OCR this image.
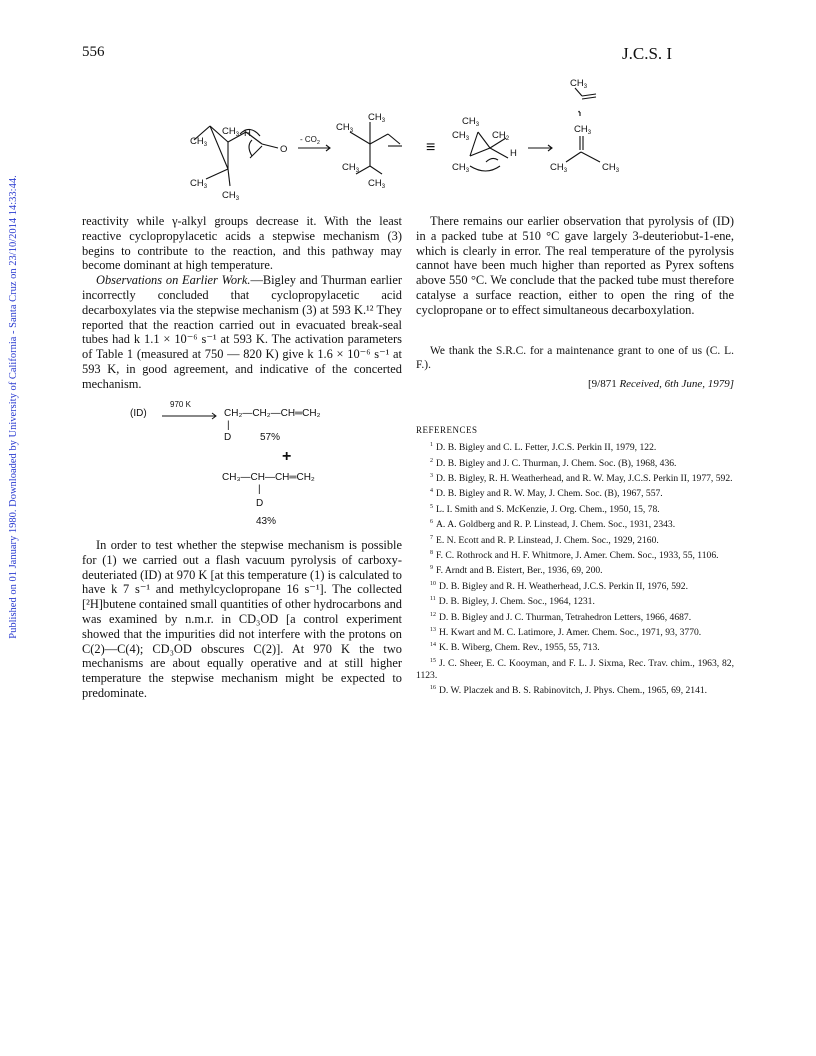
Published on 01 January 1980. Downloaded by University of California - Santa Cruz on 23/10/2014 14:33:44.
556	J.C.S. I
$CH_3$ H
O
$CH_3$
$CH_3$
$CH_3$
- $CO_2$
$CH_3$
$CH_3$
$CH_3$
$CH_3$
≡
$CH_3$
$CH_3$ $CH_2$
H
$CH_3$
$CH_3$
•
$CH_3$
$CH_3$	$CH_3$

reactivity while γ-alkyl groups decrease it. With the least reactive cyclopropylacetic acids a stepwise mechanism (3) begins to contribute to the reaction, and this pathway may become dominant at high temperature.

Observations on Earlier Work.—Bigley and Thurman earlier incorrectly concluded that cyclopropylacetic acid decarboxylates via the stepwise mechanism (3) at 593 K.¹² They reported that the reaction carried out in evacuated break-seal tubes had k 1.1 × 10⁻⁶ s⁻¹ at 593 K. The activation parameters of Table 1 (measured at 750 — 820 K) give k 1.6 × 10⁻⁶ s⁻¹ at 593 K, in good agreement, and indicative of the concerted mechanism.

(ID)
970 K
CH₂—CH₂—CH═CH₂
|
D	57%
+
CH₃—CH—CH═CH₂
|
D
43%

In order to test whether the stepwise mechanism is possible for (1) we carried out a flash vacuum pyrolysis of carboxy-deuteriated (ID) at 970 K [at this temperature (1) is calculated to have k 7 s⁻¹ and methylcyclopropane 16 s⁻¹]. The collected [²H]butene contained small quantities of other hydrocarbons and was examined by n.m.r. in CD₃OD [a control experiment showed that the impurities did not interfere with the protons on C(2)—C(4); CD₃OD obscures C(2)]. At 970 K the two mechanisms are about equally operative and at still higher temperature the stepwise mechanism might be expected to predominate.

There remains our earlier observation that pyrolysis of (ID) in a packed tube at 510 °C gave largely 3-deuteriobut-1-ene, which is clearly in error. The real temperature of the pyrolysis cannot have been much higher than reported as Pyrex softens above 550 °C. We conclude that the packed tube must therefore catalyse a surface reaction, either to open the ring of the cyclopropane or to effect simultaneous decarboxylation.

We thank the S.R.C. for a maintenance grant to one of us (C. L. F.).
[9/871 Received, 6th June, 1979]
REFERENCES
$^1$ D. B. Bigley and C. L. Fetter, J.C.S. Perkin II, 1979, 122.
$^2$ D. B. Bigley and J. C. Thurman, J. Chem. Soc. (B), 1968, 436.
$^3$ D. B. Bigley, R. H. Weatherhead, and R. W. May, J.C.S. Perkin II, 1977, 592.
$^4$ D. B. Bigley and R. W. May, J. Chem. Soc. (B), 1967, 557.
$^5$ L. I. Smith and S. McKenzie, J. Org. Chem., 1950, 15, 78.
$^6$ A. A. Goldberg and R. P. Linstead, J. Chem. Soc., 1931, 2343.
$^7$ E. N. Ecott and R. P. Linstead, J. Chem. Soc., 1929, 2160.
$^8$ F. C. Rothrock and H. F. Whitmore, J. Amer. Chem. Soc., 1933, 55, 1106.
$^9$ F. Arndt and B. Eistert, Ber., 1936, 69, 200.
$^{10}$ D. B. Bigley and R. H. Weatherhead, J.C.S. Perkin II, 1976, 592.
$^{11}$ D. B. Bigley, J. Chem. Soc., 1964, 1231.
$^{12}$ D. B. Bigley and J. C. Thurman, Tetrahedron Letters, 1966, 4687.
$^{13}$ H. Kwart and M. C. Latimore, J. Amer. Chem. Soc., 1971, 93, 3770.
$^{14}$ K. B. Wiberg, Chem. Rev., 1955, 55, 713.
$^{15}$ J. C. Sheer, E. C. Kooyman, and F. L. J. Sixma, Rec. Trav. chim., 1963, 82, 1123.
$^{16}$ D. W. Placzek and B. S. Rabinovitch, J. Phys. Chem., 1965, 69, 2141.
